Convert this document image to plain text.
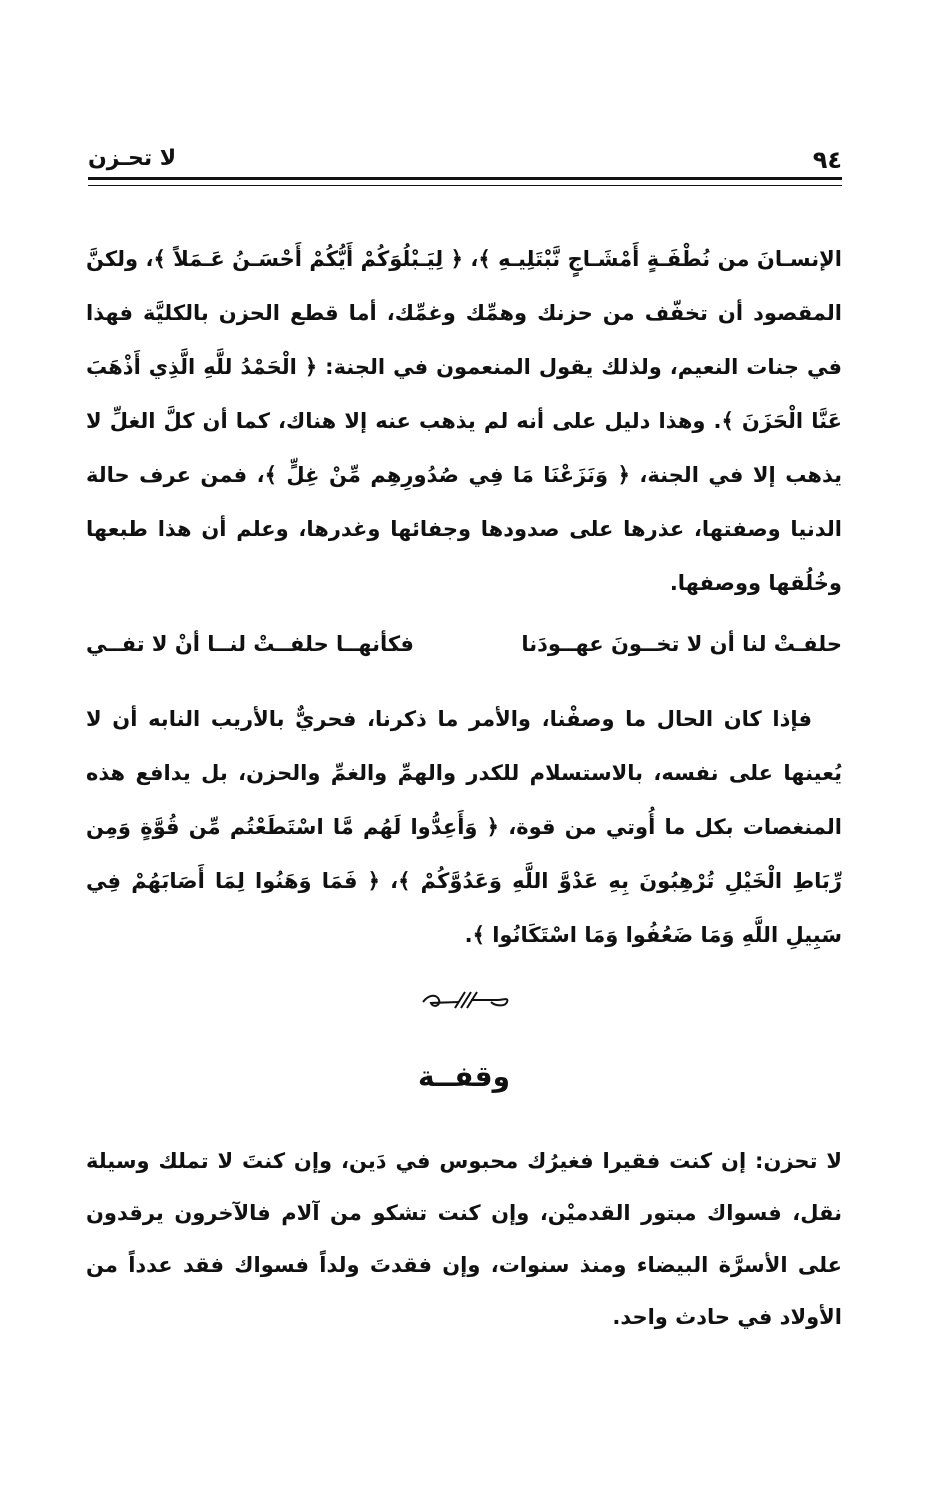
٩٤
لا تحـزن

الإنسـانَ من نُطْفَـةٍ أَمْشَـاجٍ نَّبْتَلِيـهِ ﴾، ﴿ لِيَـبْلُوَكُمْ أَيُّكُمْ أَحْسَـنُ عَـمَلاً ﴾، ولكنَّ المقصود أن تخفّف من حزنك وهمِّك وغمِّك، أما قطع الحزن بالكليَّة فهذا في جنات النعيم، ولذلك يقول المنعمون في الجنة: ﴿ الْحَمْدُ للَّهِ الَّذِي أَذْهَبَ عَنَّا الْحَزَنَ ﴾. وهذا دليل على أنه لم يذهب عنه إلا هناك، كما أن كلَّ الغلِّ لا يذهب إلا في الجنة، ﴿ وَنَزَعْنَا مَا فِي صُدُورِهِم مِّنْ غِلٍّ ﴾، فمن عرف حالة الدنيا وصفتها، عذرها على صدودها وجفائها وغدرها، وعلم أن هذا طبعها وخُلُقها ووصفها.

حلفـتْ لنا أن لا تخــونَ عهــودَنا
فكأنهــا حلفــتْ لنــا أنْ لا تفــي

فإذا كان الحال ما وصفْنا، والأمر ما ذكرنا، فحريٌّ بالأريب النابه أن لا يُعينها على نفسه، بالاستسلام للكدر والهمِّ والغمِّ والحزن، بل يدافع هذه المنغصات بكل ما أُوتي من قوة، ﴿ وَأَعِدُّوا لَهُم مَّا اسْتَطَعْتُم مِّن قُوَّةٍ وَمِن رِّبَاطِ الْخَيْلِ تُرْهِبُونَ بِهِ عَدْوَّ اللَّهِ وَعَدُوَّكُمْ ﴾، ﴿ فَمَا وَهَنُوا لِمَا أَصَابَهُمْ فِي سَبِيلِ اللَّهِ وَمَا ضَعُفُوا وَمَا اسْتَكَانُوا ﴾.

وقفــة

لا تحزن: إن كنت فقيرا فغيرُك محبوس في دَين، وإن كنتَ لا تملك وسيلة نقل، فسواك مبتور القدميْن، وإن كنت تشكو من آلام فالآخرون يرقدون على الأسرَّة البيضاء ومنذ سنوات، وإن فقدتَ ولداً فسواك فقد عدداً من الأولاد في حادث واحد.
